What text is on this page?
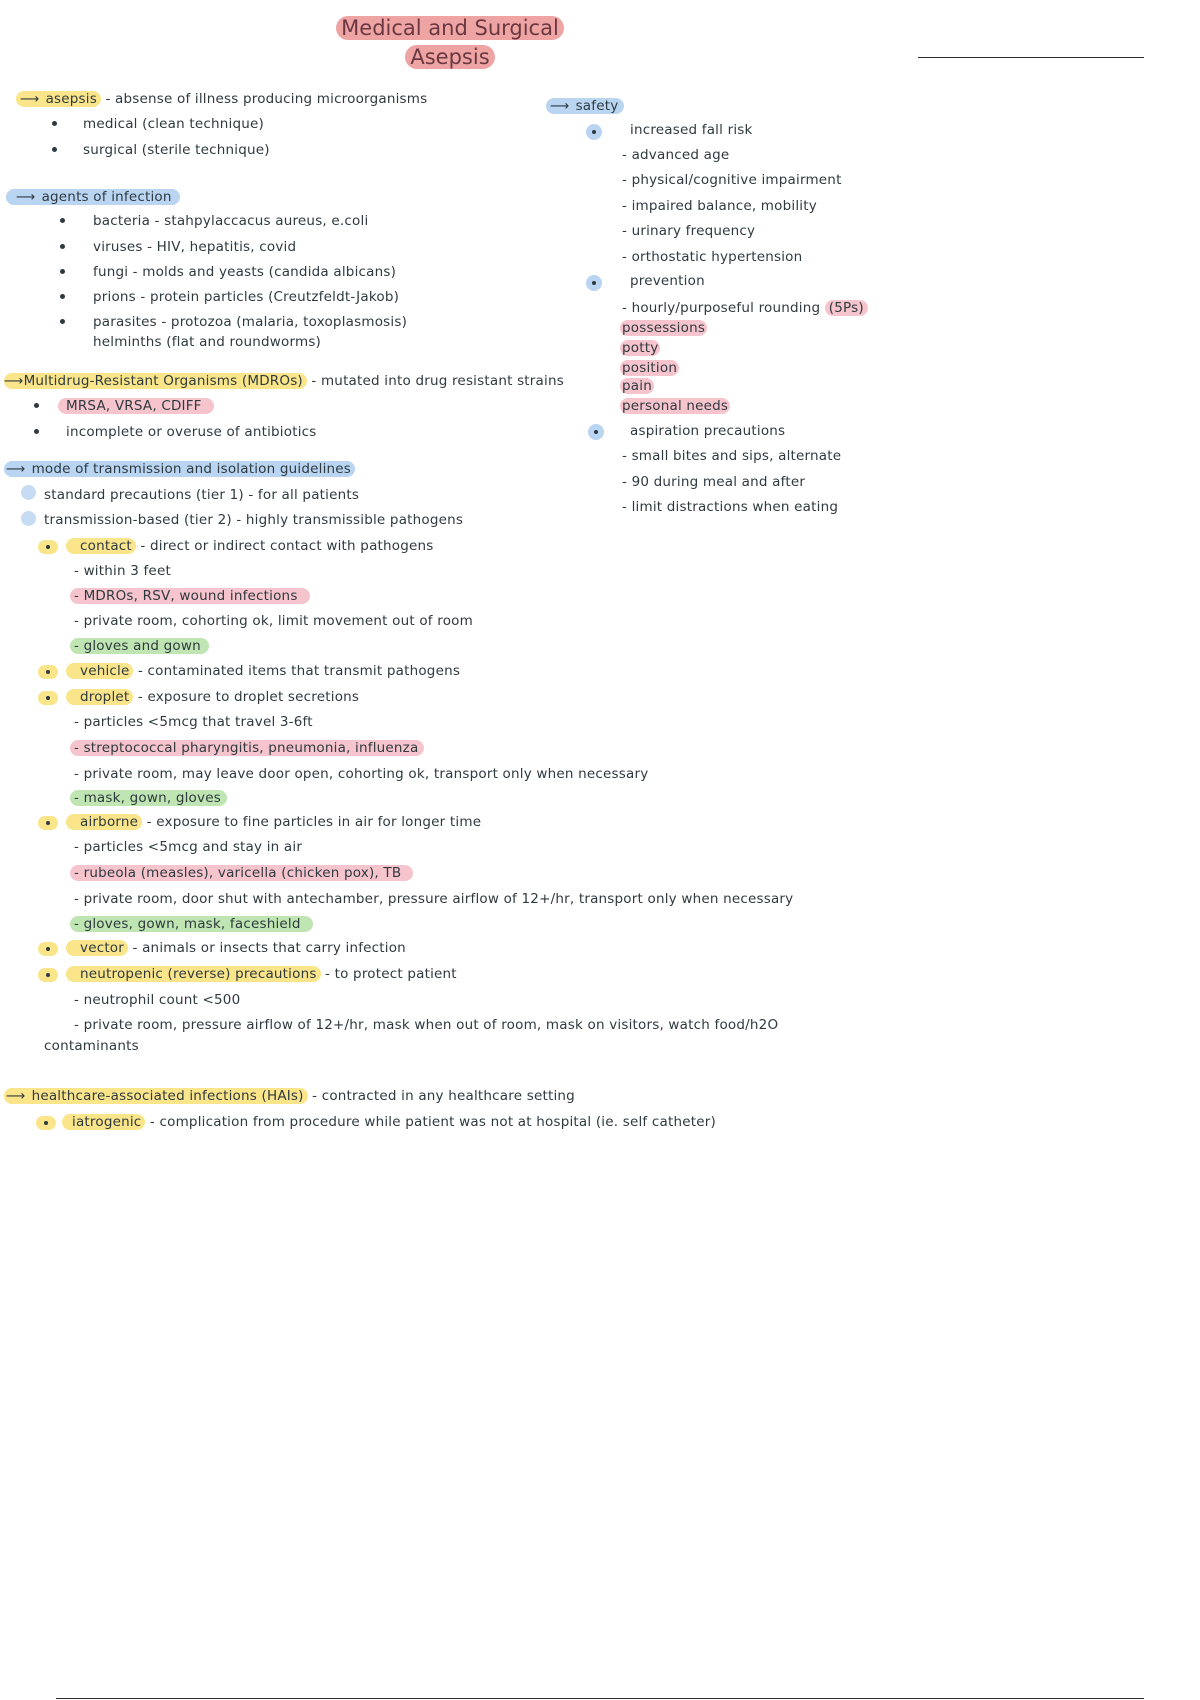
Medical and Surgical
Asepsis
⟶ asepsis - absense of illness producing microorganisms
medical (clean technique)
surgical (sterile technique)
⟶ agents of infection
bacteria - stahpylaccacus aureus, e.coli
viruses - HIV, hepatitis, covid
fungi - molds and yeasts (candida albicans)
prions - protein particles (Creutzfeldt-Jakob)
parasites - protozoa (malaria, toxoplasmosis)
helminths (flat and roundworms)
⟶Multidrug-Resistant Organisms (MDROs) - mutated into drug resistant strains
MRSA, VRSA, CDIFF
incomplete or overuse of antibiotics
⟶ mode of transmission and isolation guidelines
standard precautions (tier 1) - for all patients
transmission-based (tier 2) - highly transmissible pathogens
contact - direct or indirect contact with pathogens
- within 3 feet
- MDROs, RSV, wound infections
- private room, cohorting ok, limit movement out of room
- gloves and gown
vehicle - contaminated items that transmit pathogens
droplet - exposure to droplet secretions
- particles <5mcg that travel 3-6ft
- streptococcal pharyngitis, pneumonia, influenza
- private room, may leave door open, cohorting ok, transport only when necessary
- mask, gown, gloves
airborne - exposure to fine particles in air for longer time
- particles <5mcg and stay in air
- rubeola (measles), varicella (chicken pox), TB
- private room, door shut with antechamber, pressure airflow of 12+/hr, transport only when necessary
- gloves, gown, mask, faceshield
vector - animals or insects that carry infection
neutropenic (reverse) precautions - to protect patient
- neutrophil count <500
- private room, pressure airflow of 12+/hr, mask when out of room, mask on visitors, watch food/h2O
contaminants
⟶ healthcare-associated infections (HAIs) - contracted in any healthcare setting
iatrogenic - complication from procedure while patient was not at hospital (ie. self catheter)
⟶ safety
increased fall risk
- advanced age
- physical/cognitive impairment
- impaired balance, mobility
- urinary frequency
- orthostatic hypertension
prevention
- hourly/purposeful rounding (5Ps)
possessions
potty
position
pain
personal needs
aspiration precautions
- small bites and sips, alternate
- 90 during meal and after
- limit distractions when eating
